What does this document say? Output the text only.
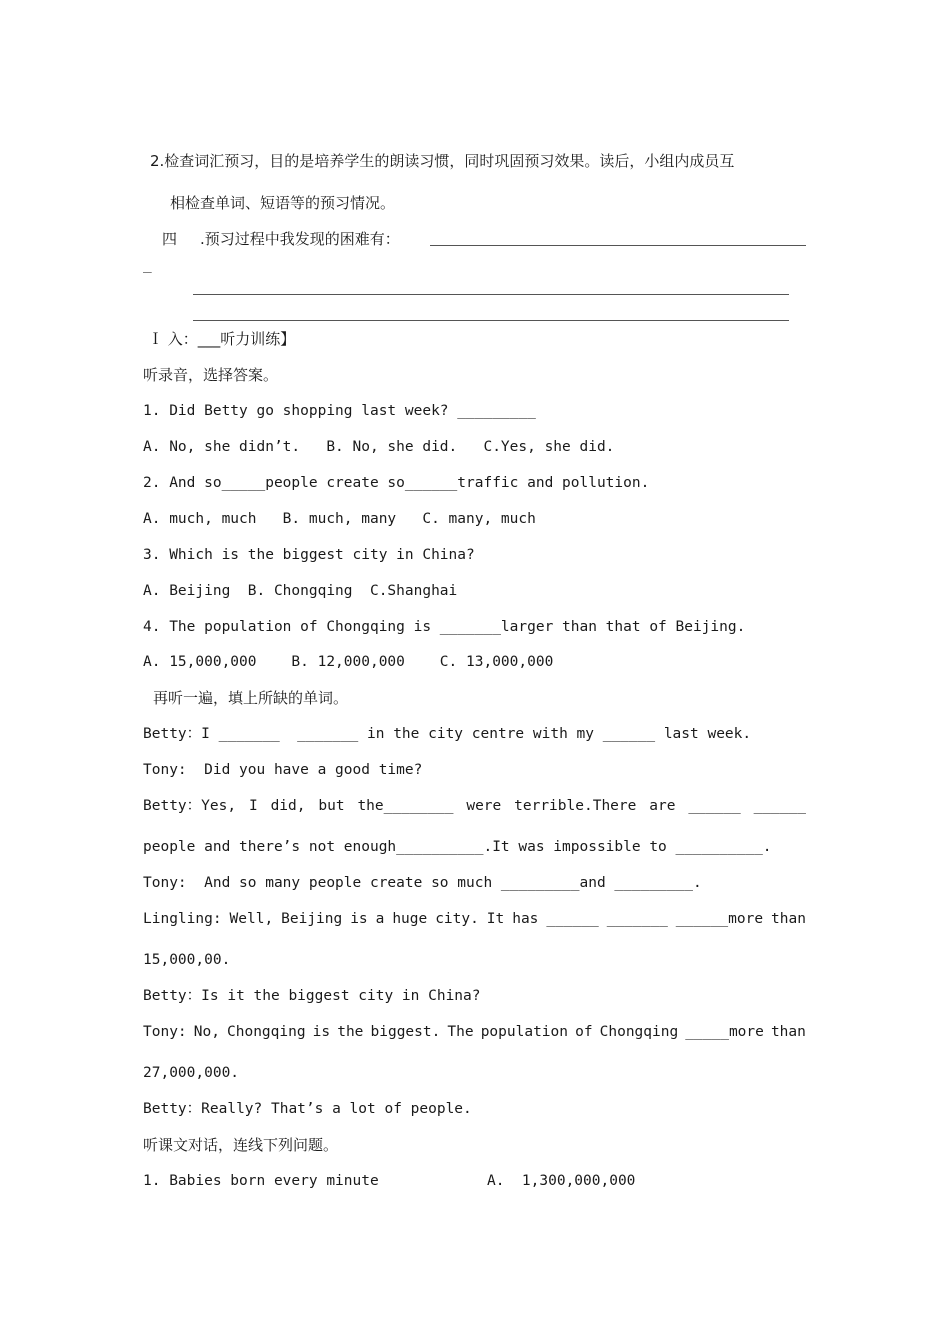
2.检查词汇预习，目的是培养学生的朗读习惯，同时巩固预习效果。读后，小组内成员互
相检查单词、短语等的预习情况。
四 .预习过程中我发现的困难有：
_
Ｉ 入：___听力训练】
听录音，选择答案。
1. Did Betty go shopping last week? _________
A. No, she didn’t.   B. No, she did.   C.Yes, she did.
2. And so_____people create so______traffic and pollution.
A. much, much   B. much, many   C. many, much
3. Which is the biggest city in China?
A. Beijing  B. Chongqing  C.Shanghai
4. The population of Chongqing is _______larger than that of Beijing.
A. 15,000,000    B. 12,000,000    C. 13,000,000
再听一遍，填上所缺的单词。
Betty：I _______  _______ in the city centre with my ______ last week.
Tony:  Did you have a good time?
Betty：Yes, I did, but the________ were terrible.There are ______ ______
people and there’s not enough__________.It was impossible to __________.
Tony:  And so many people create so much _________and _________.
Lingling: Well, Beijing is a huge city. It has ______ _______ ______more than
15,000,00.
Betty：Is it the biggest city in China?
Tony: No, Chongqing is the biggest. The population of Chongqing _____more than
27,000,000.
Betty：Really? That’s a lot of people.
听课文对话，连线下列问题。
1. Babies born every minute	A.  1,300,000,000
